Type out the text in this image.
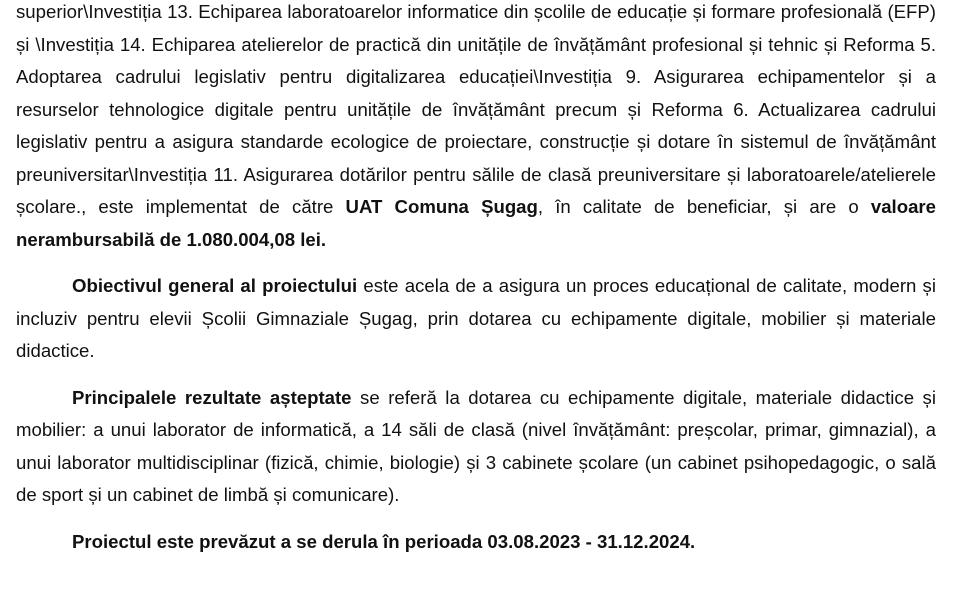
superior\Investiția 13. Echiparea laboratoarelor informatice din școlile de educație și formare profesională (EFP) și \Investiția 14. Echiparea atelierelor de practică din unitățile de învățământ profesional și tehnic și Reforma 5. Adoptarea cadrului legislativ pentru digitalizarea educației\Investiția 9. Asigurarea echipamentelor și a resurselor tehnologice digitale pentru unitățile de învățământ precum și Reforma 6. Actualizarea cadrului legislativ pentru a asigura standarde ecologice de proiectare, construcție și dotare în sistemul de învățământ preuniversitar\Investiția 11. Asigurarea dotărilor pentru sălile de clasă preuniversitare și laboratoarele/atelierele școlare., este implementat de către UAT Comuna Șugag, în calitate de beneficiar, și are o valoare nerambursabilă de 1.080.004,08 lei.

Obiectivul general al proiectului este acela de a asigura un proces educațional de calitate, modern și incluziv pentru elevii Școlii Gimnaziale Șugag, prin dotarea cu echipamente digitale, mobilier și materiale didactice.

Principalele rezultate așteptate se referă la dotarea cu echipamente digitale, materiale didactice și mobilier: a unui laborator de informatică, a 14 săli de clasă (nivel învățământ: preșcolar, primar, gimnazial), a unui laborator multidisciplinar (fizică, chimie, biologie) și 3 cabinete școlare (un cabinet psihopedagogic, o sală de sport și un cabinet de limbă și comunicare).

Proiectul este prevăzut a se derula în perioada 03.08.2023 - 31.12.2024.
